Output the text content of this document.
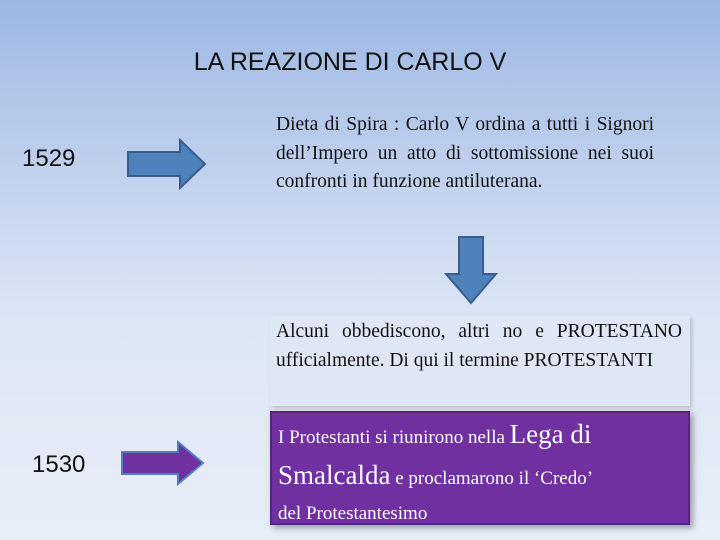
LA REAZIONE DI CARLO V
1529
Dieta di Spira : Carlo V ordina a tutti i Signori dell’Impero un atto di sottomissione nei suoi confronti in funzione antiluterana.
Alcuni obbediscono, altri no e PROTESTANO ufficialmente. Di qui il termine PROTESTANTI
1530
I Protestanti si riunirono nella Lega di
Smalcalda e proclamarono il ‘Credo’
del Protestantesimo
